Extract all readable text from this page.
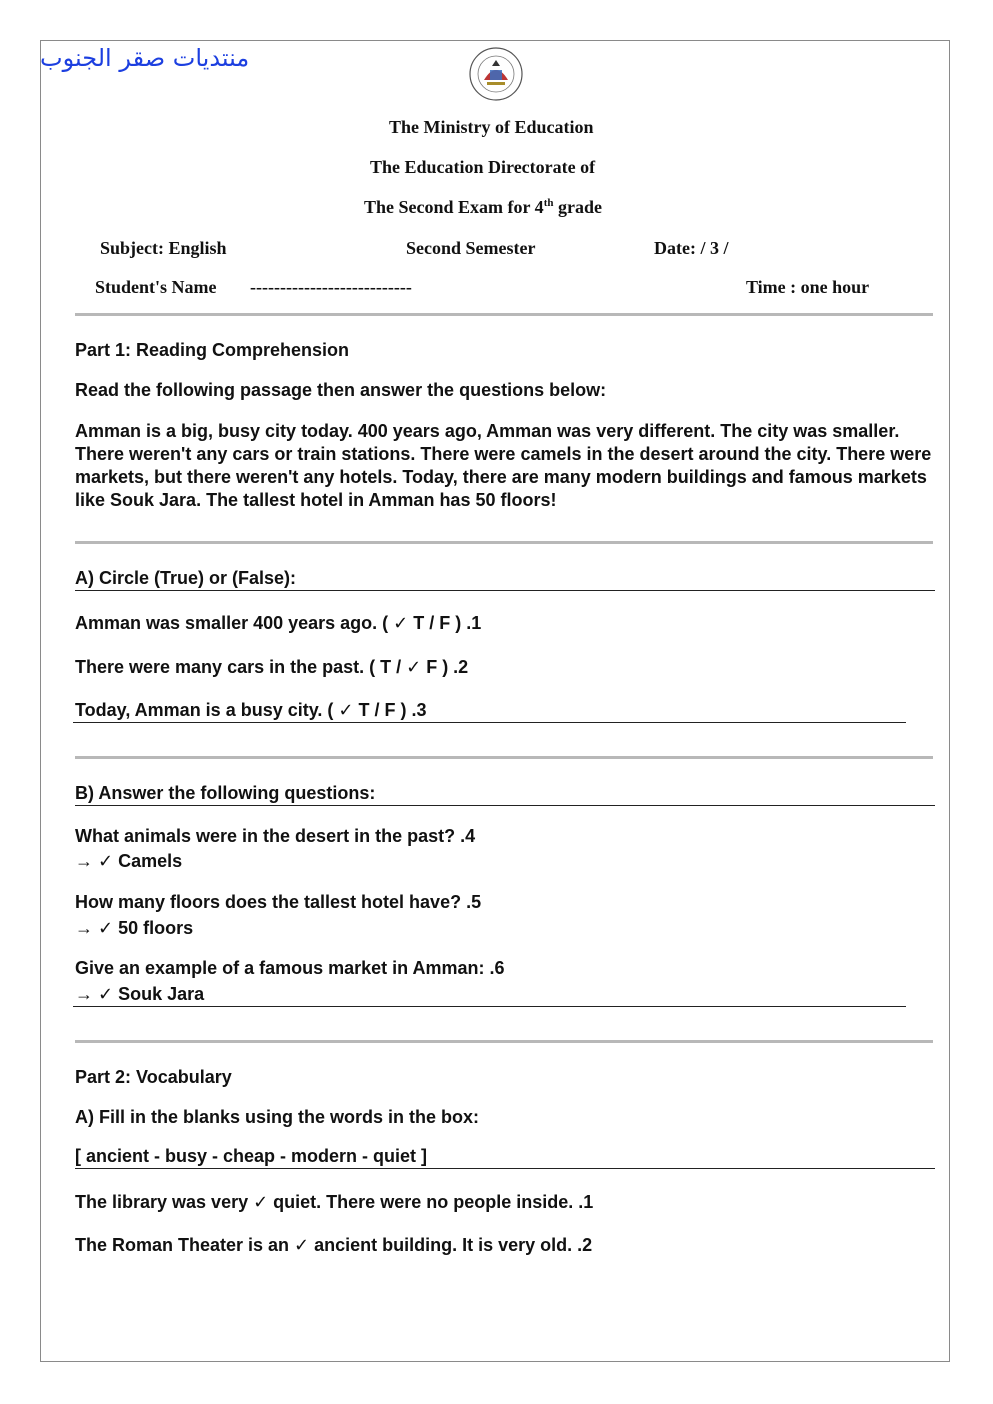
منتديات صقر الجنوب
The Ministry of Education
The Education Directorate of
The Second Exam for 4th grade
Subject: English	Second Semester	Date: / 3 /
Student's Name ---------------------------	Time : one hour
Part 1: Reading Comprehension
Read the following passage then answer the questions below:
Amman is a big, busy city today. 400 years ago, Amman was very different. The city was smaller. There weren't any cars or train stations. There were camels in the desert around the city. There were markets, but there weren't any hotels. Today, there are many modern buildings and famous markets like Souk Jara. The tallest hotel in Amman has 50 floors!
A) Circle (True) or (False):
Amman was smaller 400 years ago. ( ✓ T / F ) .1
There were many cars in the past. ( T / ✓ F ) .2
Today, Amman is a busy city. ( ✓ T / F ) .3
B) Answer the following questions:
What animals were in the desert in the past? .4
→ ✓ Camels
How many floors does the tallest hotel have? .5
→ ✓ 50 floors
Give an example of a famous market in Amman: .6
→ ✓ Souk Jara
Part 2: Vocabulary
A) Fill in the blanks using the words in the box:
[ ancient - busy - cheap - modern - quiet ]
The library was very ✓ quiet. There were no people inside. .1
The Roman Theater is an ✓ ancient building. It is very old. .2
